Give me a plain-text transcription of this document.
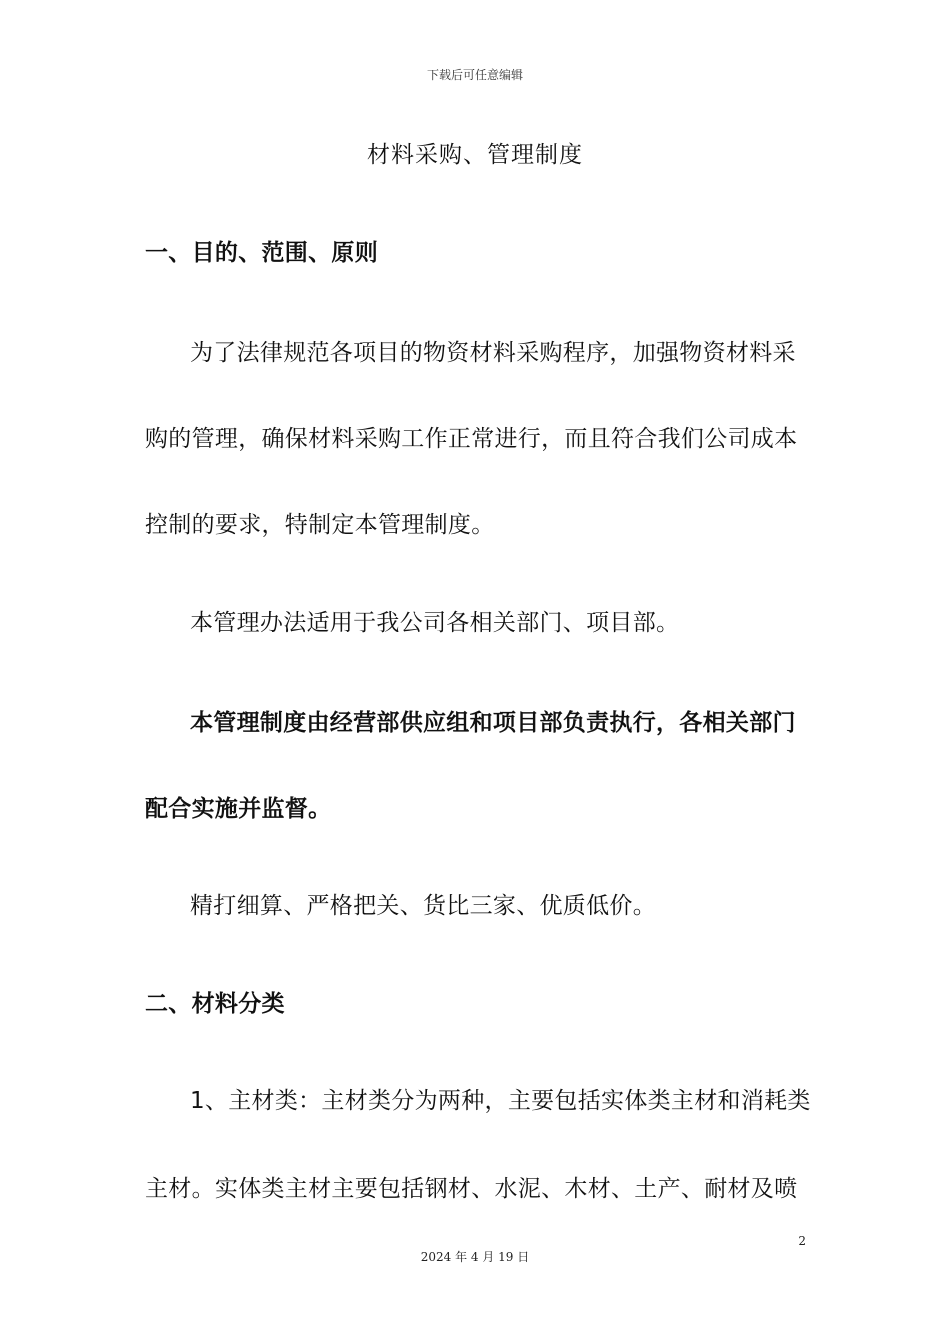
下载后可任意编辑
材料采购、管理制度
一、目的、范围、原则
为了法律规范各项目的物资材料采购程序，加强物资材料采
购的管理，确保材料采购工作正常进行，而且符合我们公司成本
控制的要求，特制定本管理制度。
本管理办法适用于我公司各相关部门、项目部。
本管理制度由经营部供应组和项目部负责执行，各相关部门
配合实施并监督。
精打细算、严格把关、货比三家、优质低价。
二、材料分类
1、主材类：主材类分为两种，主要包括实体类主材和消耗类
主材。实体类主材主要包括钢材、水泥、木材、土产、耐材及喷
2
2024 年 4 月 19 日
